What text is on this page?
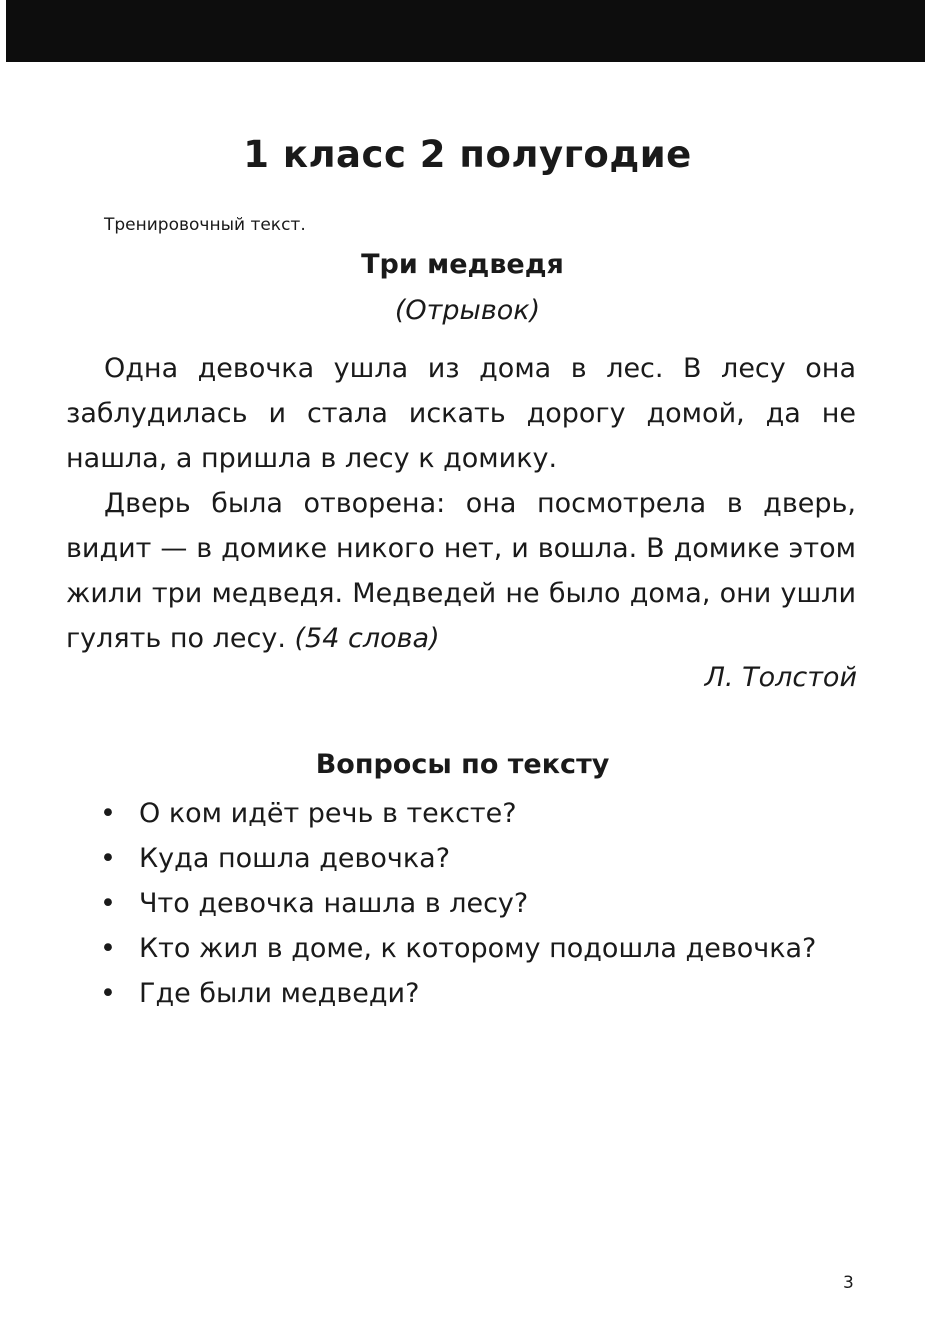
1 класс 2 полугодие
Тренировочный текст.
Три медведя
(Отрывок)

Одна девочка ушла из дома в лес. В лесу она заблудилась и стала искать дорогу домой, да не нашла, а пришла в лесу к домику.

Дверь была отворена: она посмотрела в дверь, видит — в домике никого нет, и вошла. В домике этом жили три медведя. Медведей не было дома, они ушли гулять по лесу. (54 слова)

Л. Толстой
Вопросы по тексту
• О ком идёт речь в тексте?
• Куда пошла девочка?
• Что девочка нашла в лесу?
• Кто жил в доме, к которому подошла девочка?
• Где были медведи?
3
